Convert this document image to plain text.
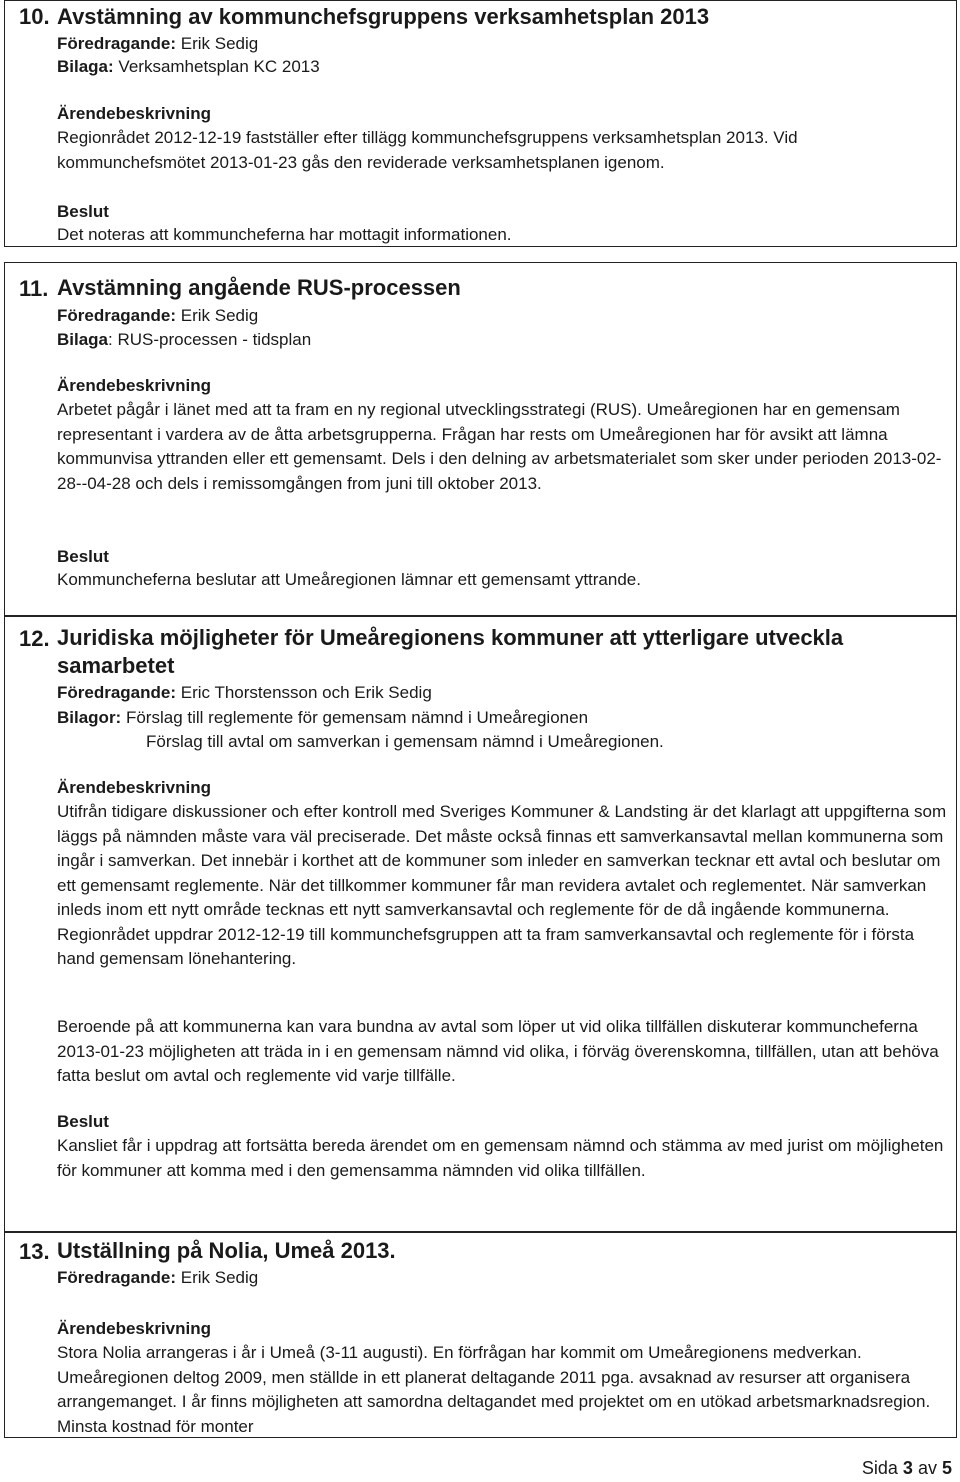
10. Avstämning av kommunchefsgruppens verksamhetsplan 2013
Föredragande: Erik Sedig
Bilaga: Verksamhetsplan KC 2013
Ärendebeskrivning
Regionrådet 2012-12-19 fastställer efter tillägg kommunchefsgruppens verksamhetsplan 2013. Vid kommunchefsmötet 2013-01-23 gås den reviderade verksamhetsplanen igenom.
Beslut
Det noteras att kommuncheferna har mottagit informationen.
11. Avstämning angående RUS-processen
Föredragande: Erik Sedig
Bilaga: RUS-processen - tidsplan
Ärendebeskrivning
Arbetet pågår i länet med att ta fram en ny regional utvecklingsstrategi (RUS). Umeåregionen har en gemensam representant i vardera av de åtta arbetsgrupperna. Frågan har rests om Umeåregionen har för avsikt att lämna kommunvisa yttranden eller ett gemensamt. Dels i den delning av arbetsmaterialet som sker under perioden 2013-02-28--04-28 och dels i remissomgången from juni till oktober 2013.
Beslut
Kommuncheferna beslutar att Umeåregionen lämnar ett gemensamt yttrande.
12. Juridiska möjligheter för Umeåregionens kommuner att ytterligare utveckla samarbetet
Föredragande: Eric Thorstensson och Erik Sedig
Bilagor: Förslag till reglemente för gemensam nämnd i Umeåregionen
Förslag till avtal om samverkan i gemensam nämnd i Umeåregionen.
Ärendebeskrivning
Utifrån tidigare diskussioner och efter kontroll med Sveriges Kommuner & Landsting är det klarlagt att uppgifterna som läggs på nämnden måste vara väl preciserade. Det måste också finnas ett samverkansavtal mellan kommunerna som ingår i samverkan. Det innebär i korthet att de kommuner som inleder en samverkan tecknar ett avtal och beslutar om ett gemensamt reglemente. När det tillkommer kommuner får man revidera avtalet och reglementet. När samverkan inleds inom ett nytt område tecknas ett nytt samverkansavtal och reglemente för de då ingående kommunerna. Regionrådet uppdrar 2012-12-19 till kommunchefsgruppen att ta fram samverkansavtal och reglemente för i första hand gemensam lönehantering.
Beroende på att kommunerna kan vara bundna av avtal som löper ut vid olika tillfällen diskuterar kommuncheferna 2013-01-23 möjligheten att träda in i en gemensam nämnd vid olika, i förväg överenskomna, tillfällen, utan att behöva fatta beslut om avtal och reglemente vid varje tillfälle.
Beslut
Kansliet får i uppdrag att fortsätta bereda ärendet om en gemensam nämnd och stämma av med jurist om möjligheten för kommuner att komma med i den gemensamma nämnden vid olika tillfällen.
13. Utställning på Nolia, Umeå 2013.
Föredragande: Erik Sedig
Ärendebeskrivning
Stora Nolia arrangeras i år i Umeå (3-11 augusti). En förfrågan har kommit om Umeåregionens medverkan. Umeåregionen deltog 2009, men ställde in ett planerat deltagande 2011 pga. avsaknad av resurser att organisera arrangemanget. I år finns möjligheten att samordna deltagandet med projektet om en utökad arbetsmarknadsregion. Minsta kostnad för monter
Sida 3 av 5
